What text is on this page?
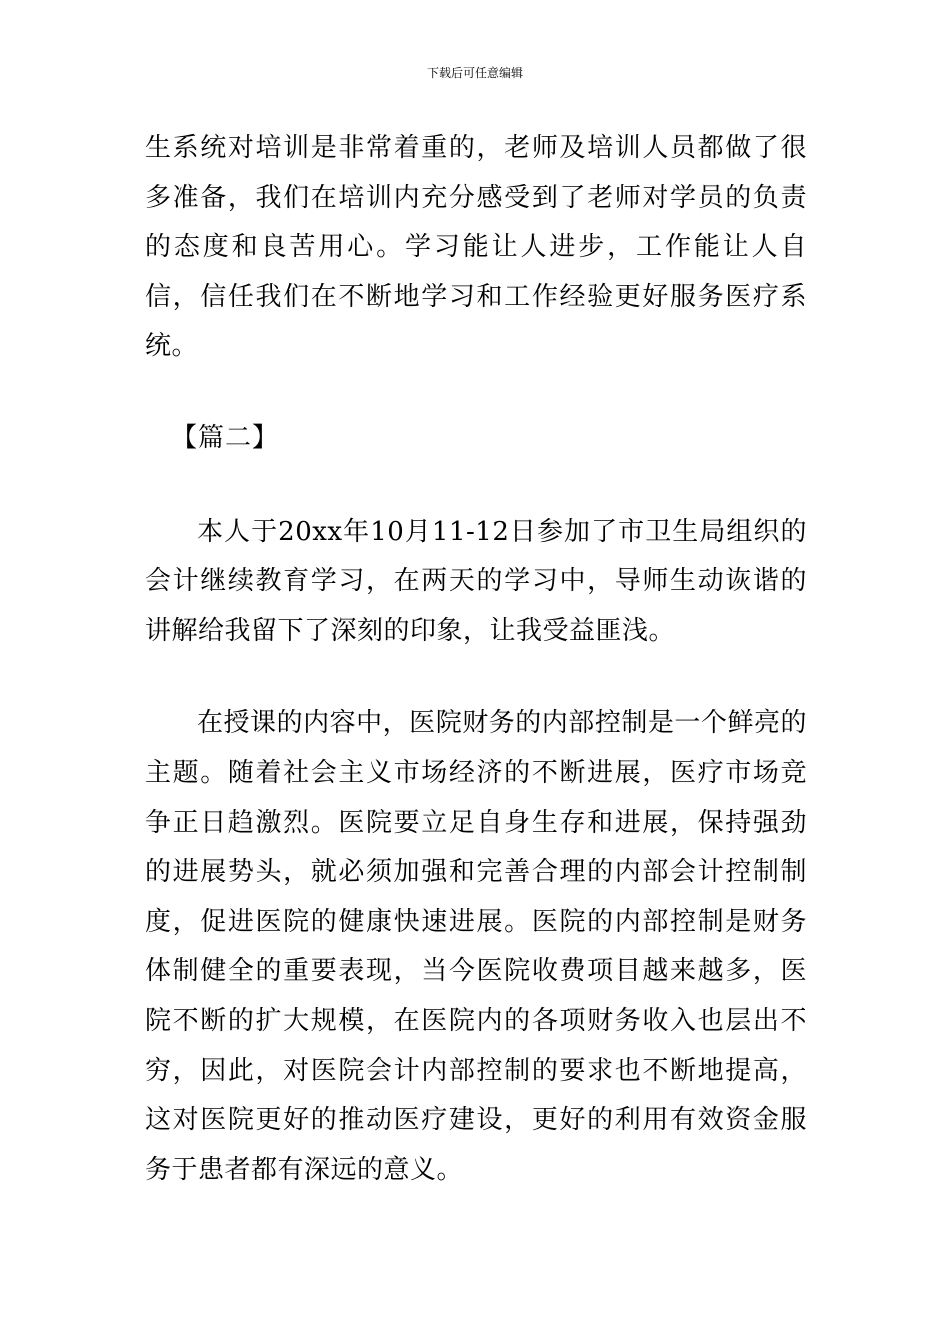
下载后可任意编辑

生系统对培训是非常着重的，老师及培训人员都做了很多准备，我们在培训内充分感受到了老师对学员的负责的态度和良苦用心。学习能让人进步，工作能让人自信，信任我们在不断地学习和工作经验更好服务医疗系统。

【篇二】

本人于20xx年10月11-12日参加了市卫生局组织的会计继续教育学习，在两天的学习中，导师生动诙谐的讲解给我留下了深刻的印象，让我受益匪浅。

在授课的内容中，医院财务的内部控制是一个鲜亮的主题。随着社会主义市场经济的不断进展，医疗市场竞争正日趋激烈。医院要立足自身生存和进展，保持强劲的进展势头，就必须加强和完善合理的内部会计控制制度，促进医院的健康快速进展。医院的内部控制是财务体制健全的重要表现，当今医院收费项目越来越多，医院不断的扩大规模，在医院内的各项财务收入也层出不穷，因此，对医院会计内部控制的要求也不断地提高，这对医院更好的推动医疗建设，更好的利用有效资金服务于患者都有深远的意义。
